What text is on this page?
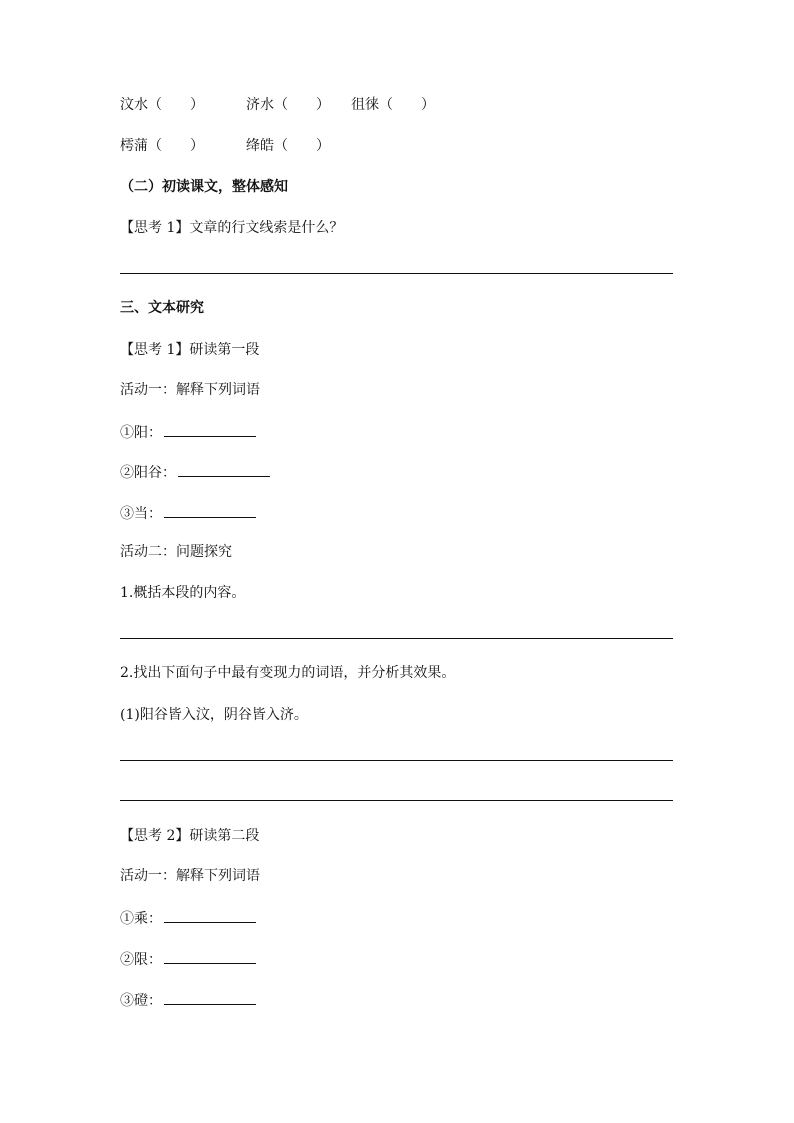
汶水（　　）	济水（　　） 徂徕（　　）
樗蒲（　　）	绛皓（　　）
（二）初读课文，整体感知
【思考 1】文章的行文线索是什么？
三、文本研究
【思考 1】研读第一段
活动一：解释下列词语
①阳：
②阳谷：
③当：
活动二：问题探究
1.概括本段的内容。
2.找出下面句子中最有变现力的词语，并分析其效果。
(1)阳谷皆入汶，阴谷皆入济。
【思考 2】研读第二段
活动一：解释下列词语
①乘：
②限：
③磴：
